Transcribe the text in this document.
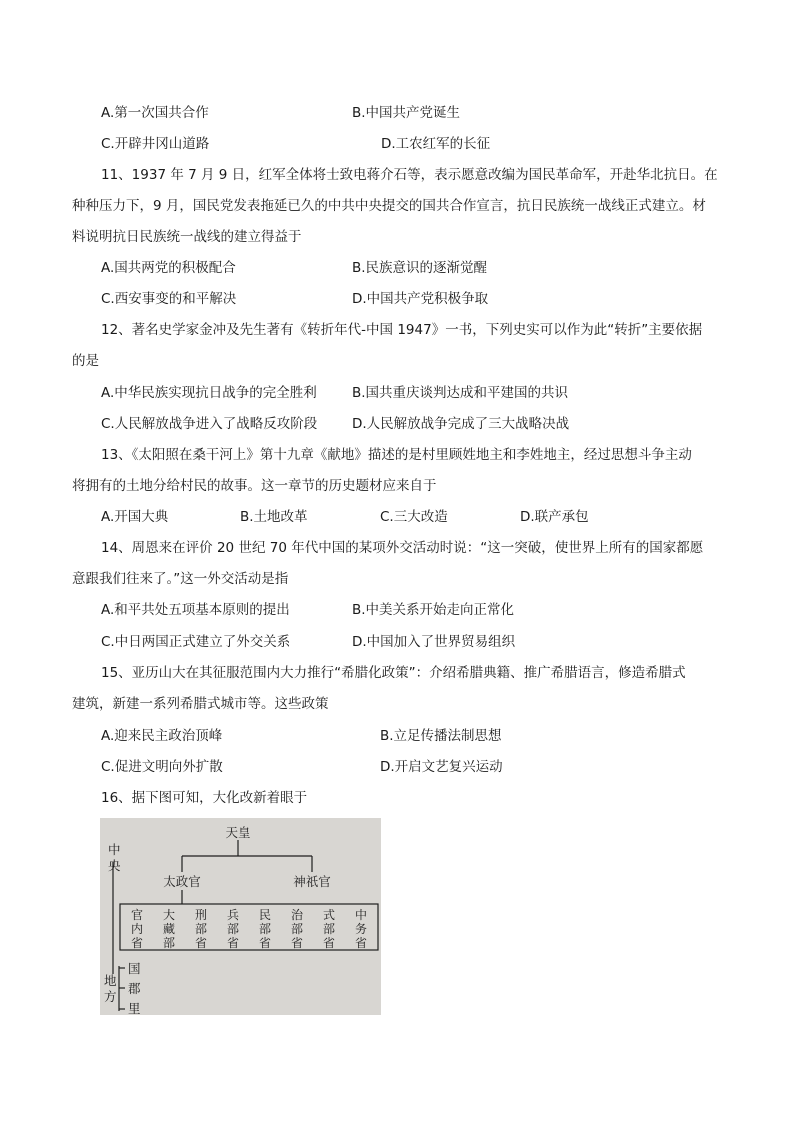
A.第一次国共合作	B.中国共产党诞生
C.开辟井冈山道路	D.工农红军的长征
11、1937 年 7 月 9 日，红军全体将士致电蒋介石等，表示愿意改编为国民革命军，开赴华北抗日。在
种种压力下，9 月，国民党发表拖延已久的中共中央提交的国共合作宣言，抗日民族统一战线正式建立。材
料说明抗日民族统一战线的建立得益于
A.国共两党的积极配合	B.民族意识的逐渐觉醒
C.西安事变的和平解决	D.中国共产党积极争取
12、著名史学家金冲及先生著有《转折年代-中国 1947》一书，下列史实可以作为此“转折”主要依据
的是
A.中华民族实现抗日战争的完全胜利	B.国共重庆谈判达成和平建国的共识
C.人民解放战争进入了战略反攻阶段	D.人民解放战争完成了三大战略决战
13、《太阳照在桑干河上》第十九章《献地》描述的是村里顾姓地主和李姓地主，经过思想斗争主动
将拥有的土地分给村民的故事。这一章节的历史题材应来自于
A.开国大典	B.土地改革	C.三大改造	D.联产承包
14、周恩来在评价 20 世纪 70 年代中国的某项外交活动时说：“这一突破，使世界上所有的国家都愿
意跟我们往来了。”这一外交活动是指
A.和平共处五项基本原则的提出	B.中美关系开始走向正常化
C.中日两国正式建立了外交关系	D.中国加入了世界贸易组织
15、亚历山大在其征服范围内大力推行“希腊化政策”：介绍希腊典籍、推广希腊语言，修造希腊式
建筑，新建一系列希腊式城市等。这些政策
A.迎来民主政治顶峰	B.立足传播法制思想
C.促进文明向外扩散	D.开启文艺复兴运动
16、据下图可知，大化改新着眼于
天皇
太政官	神祇官
中
央
地
方
国
郡
里
官
内
省
大
藏
部
刑
部
省
兵
部
省
民
部
省
治
部
省
式
部
省
中
务
省
